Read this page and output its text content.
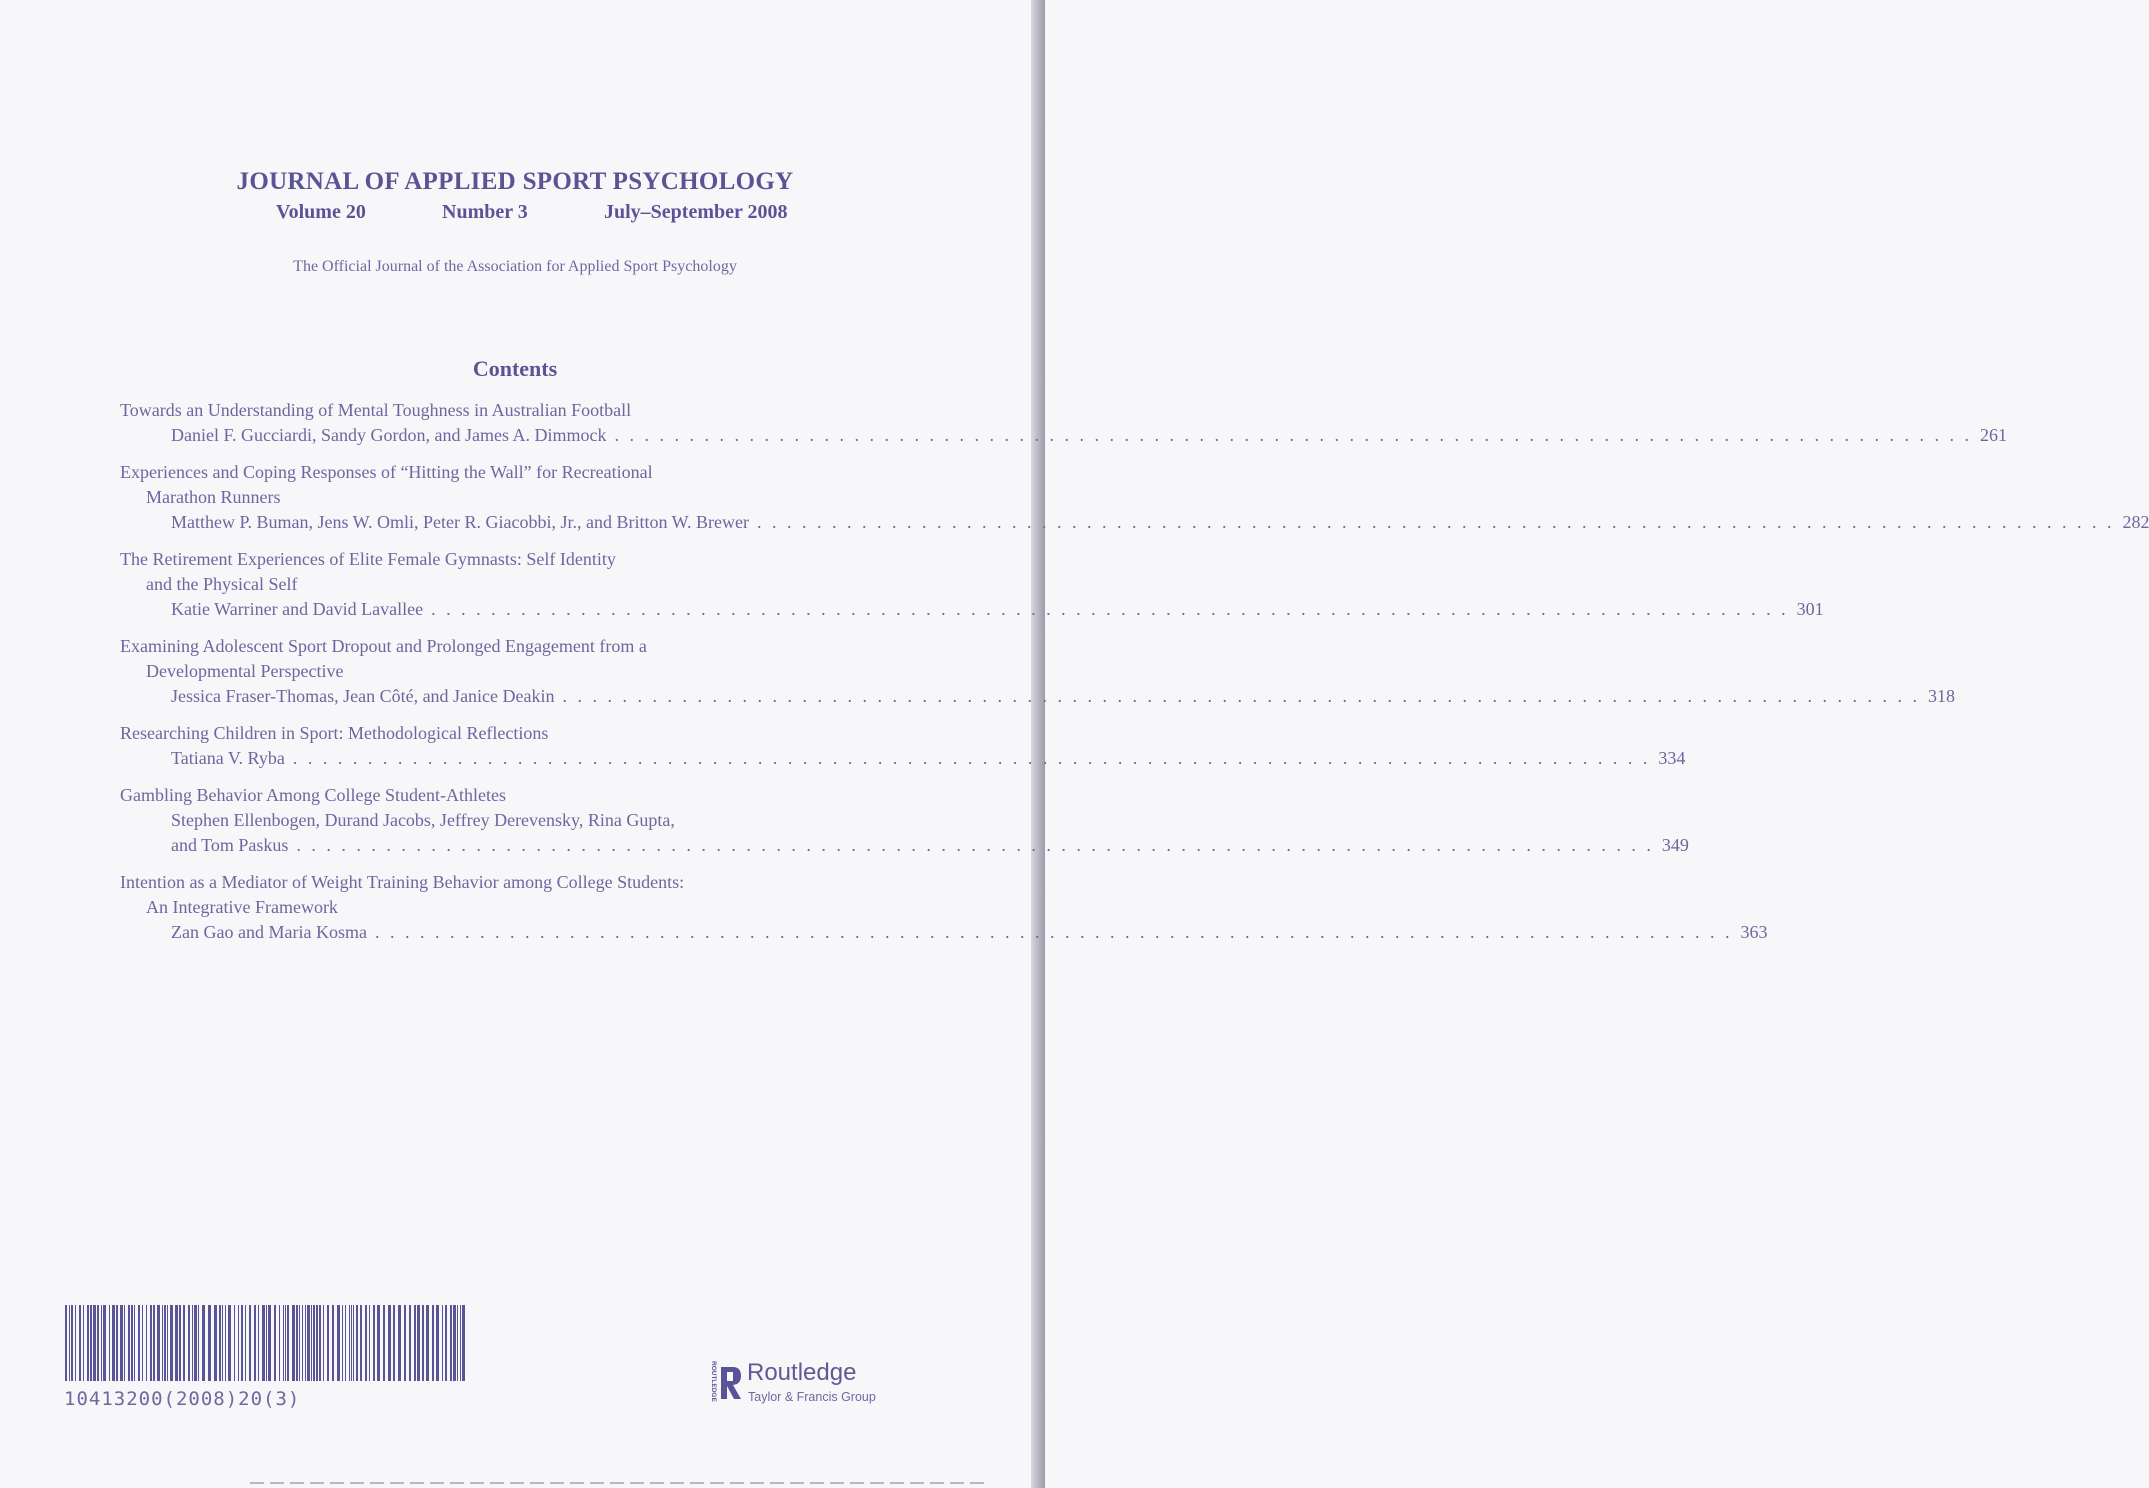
JOURNAL OF APPLIED SPORT PSYCHOLOGY
Volume 20	Number 3	July–September 2008
The Official Journal of the Association for Applied Sport Psychology
Contents
Towards an Understanding of Mental Toughness in Australian Football
Daniel F. Gucciardi, Sandy Gordon, and James A. Dimmock . . .	261
Experiences and Coping Responses of “Hitting the Wall” for Recreational
Marathon Runners
Matthew P. Buman, Jens W. Omli, Peter R. Giacobbi, Jr., and Britton W. Brewer . . .	282
The Retirement Experiences of Elite Female Gymnasts: Self Identity
and the Physical Self
Katie Warriner and David Lavallee . . .	301
Examining Adolescent Sport Dropout and Prolonged Engagement from a
Developmental Perspective
Jessica Fraser-Thomas, Jean Côté, and Janice Deakin . . .	318
Researching Children in Sport: Methodological Reflections
Tatiana V. Ryba . . .	334
Gambling Behavior Among College Student-Athletes
Stephen Ellenbogen, Durand Jacobs, Jeffrey Derevensky, Rina Gupta,
and Tom Paskus . . .	349
Intention as a Mediator of Weight Training Behavior among College Students:
An Integrative Framework
Zan Gao and Maria Kosma . . .	363
10413200(2008)20(3)	ROUTLEDGE Routledge
Taylor & Francis Group
